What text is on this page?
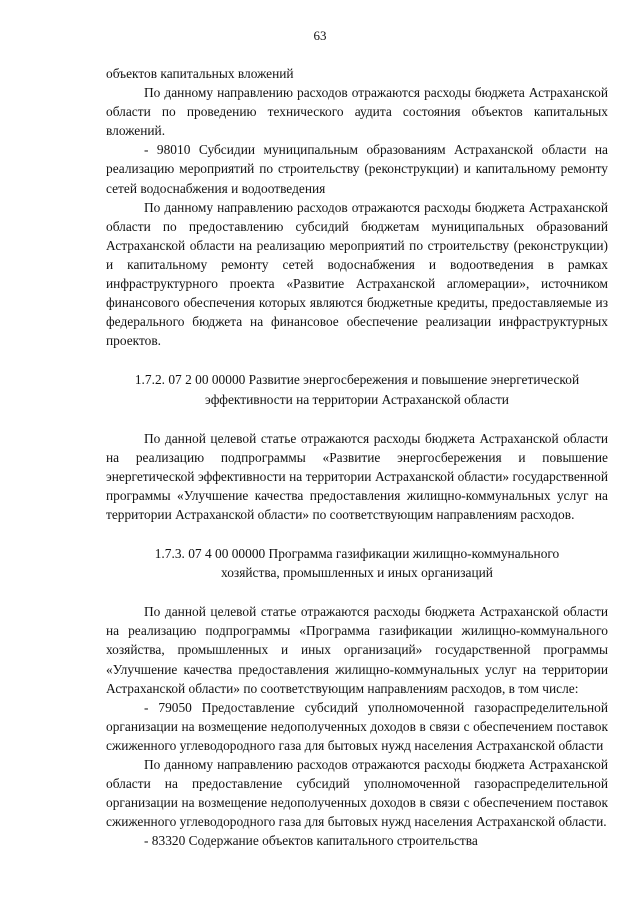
63

объектов капитальных вложений

По данному направлению расходов отражаются расходы бюджета Астраханской области по проведению технического аудита состояния объектов капитальных вложений.

- 98010 Субсидии муниципальным образованиям Астраханской области на реализацию мероприятий по строительству (реконструкции) и капитальному ремонту сетей водоснабжения и водоотведения

По данному направлению расходов отражаются расходы бюджета Астраханской области по предоставлению субсидий бюджетам муниципальных образований Астраханской области на реализацию мероприятий по строительству (реконструкции) и капитальному ремонту сетей водоснабжения и водоотведения в рамках инфраструктурного проекта «Развитие Астраханской агломерации», источником финансового обеспечения которых являются бюджетные кредиты, предоставляемые из федерального бюджета на финансовое обеспечение реализации инфраструктурных проектов.

1.7.2. 07 2 00 00000 Развитие энергосбережения и повышение энергетической
эффективности на территории Астраханской области

По данной целевой статье отражаются расходы бюджета Астраханской области на реализацию подпрограммы «Развитие энергосбережения и повышение энергетической эффективности на территории Астраханской области» государственной программы «Улучшение качества предоставления жилищно-коммунальных услуг на территории Астраханской области» по соответствующим направлениям расходов.

1.7.3. 07 4 00 00000 Программа газификации жилищно-коммунального
хозяйства, промышленных и иных организаций

По данной целевой статье отражаются расходы бюджета Астраханской области на реализацию подпрограммы «Программа газификации жилищно-коммунального хозяйства, промышленных и иных организаций» государственной программы «Улучшение качества предоставления жилищно-коммунальных услуг на территории Астраханской области» по соответствующим направлениям расходов, в том числе:

- 79050 Предоставление субсидий уполномоченной газораспределительной организации на возмещение недополученных доходов в связи с обеспечением поставок сжиженного углеводородного газа для бытовых нужд населения Астраханской области

По данному направлению расходов отражаются расходы бюджета Астраханской области на предоставление субсидий уполномоченной газораспределительной организации на возмещение недополученных доходов в связи с обеспечением поставок сжиженного углеводородного газа для бытовых нужд населения Астраханской области.

- 83320 Содержание объектов капитального строительства
